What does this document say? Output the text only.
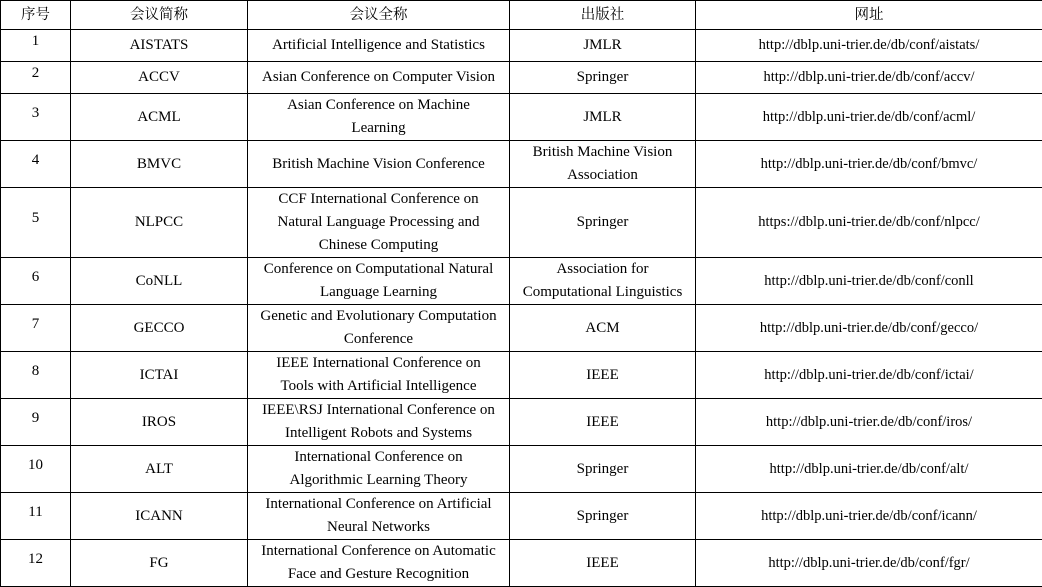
序号	会议简称	会议全称	出版社	网址
1	AISTATS	Artificial Intelligence and Statistics	JMLR	http://dblp.uni-trier.de/db/conf/aistats/
2	ACCV	Asian Conference on Computer Vision	Springer	http://dblp.uni-trier.de/db/conf/accv/
3	ACML	Asian Conference on Machine
Learning	JMLR	http://dblp.uni-trier.de/db/conf/acml/
4	BMVC	British Machine Vision Conference	British Machine Vision
Association	http://dblp.uni-trier.de/db/conf/bmvc/
5	NLPCC	CCF International Conference on
Natural Language Processing and
Chinese Computing	Springer	https://dblp.uni-trier.de/db/conf/nlpcc/
6	CoNLL	Conference on Computational Natural
Language Learning	Association for
Computational Linguistics	http://dblp.uni-trier.de/db/conf/conll
7	GECCO	Genetic and Evolutionary Computation
Conference	ACM	http://dblp.uni-trier.de/db/conf/gecco/
8	ICTAI	IEEE International Conference on
Tools with Artificial Intelligence	IEEE	http://dblp.uni-trier.de/db/conf/ictai/
9	IROS	IEEE\RSJ International Conference on
Intelligent Robots and Systems	IEEE	http://dblp.uni-trier.de/db/conf/iros/
10	ALT	International Conference on
Algorithmic Learning Theory	Springer	http://dblp.uni-trier.de/db/conf/alt/
11	ICANN	International Conference on Artificial
Neural Networks	Springer	http://dblp.uni-trier.de/db/conf/icann/
12	FG	International Conference on Automatic
Face and Gesture Recognition	IEEE	http://dblp.uni-trier.de/db/conf/fgr/
